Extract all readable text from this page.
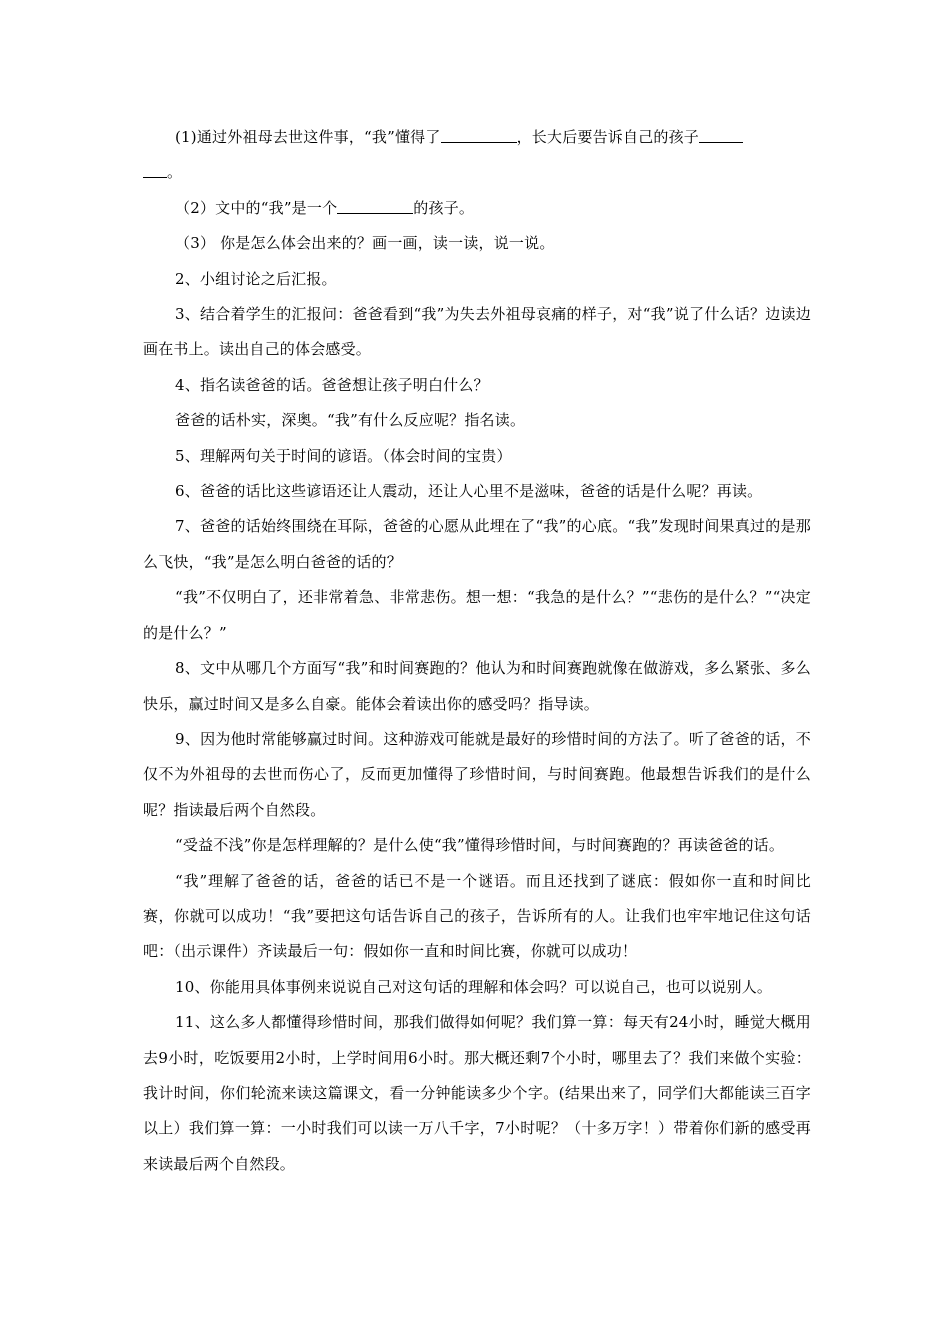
(1)通过外祖母去世这件事，“我”懂得了	，长大后要告诉自己的孩子
。

（2）文中的“我”是一个	的孩子。

（3） 你是怎么体会出来的？画一画，读一读，说一说。

2、小组讨论之后汇报。

3、结合着学生的汇报问：爸爸看到“我”为失去外祖母哀痛的样子，对“我”说了什么话？边读边画在书上。读出自己的体会感受。

4、指名读爸爸的话。爸爸想让孩子明白什么？

爸爸的话朴实，深奥。“我”有什么反应呢？指名读。

5、理解两句关于时间的谚语。（体会时间的宝贵）

6、爸爸的话比这些谚语还让人震动，还让人心里不是滋味，爸爸的话是什么呢？再读。

7、爸爸的话始终围绕在耳际，爸爸的心愿从此埋在了“我”的心底。“我”发现时间果真过的是那么飞快，“我”是怎么明白爸爸的话的？

“我”不仅明白了，还非常着急、非常悲伤。想一想：“我急的是什么？”“悲伤的是什么？”“决定的是什么？”

8、文中从哪几个方面写“我”和时间赛跑的？他认为和时间赛跑就像在做游戏，多么紧张、多么快乐，赢过时间又是多么自豪。能体会着读出你的感受吗？指导读。

9、因为他时常能够赢过时间。这种游戏可能就是最好的珍惜时间的方法了。听了爸爸的话，不仅不为外祖母的去世而伤心了，反而更加懂得了珍惜时间，与时间赛跑。他最想告诉我们的是什么呢？指读最后两个自然段。

“受益不浅”你是怎样理解的？是什么使“我”懂得珍惜时间，与时间赛跑的？再读爸爸的话。

“我”理解了爸爸的话，爸爸的话已不是一个谜语。而且还找到了谜底：假如你一直和时间比赛，你就可以成功！“我”要把这句话告诉自己的孩子，告诉所有的人。让我们也牢牢地记住这句话吧：（出示课件）齐读最后一句：假如你一直和时间比赛，你就可以成功！

10、你能用具体事例来说说自己对这句话的理解和体会吗？可以说自己，也可以说别人。

11、这么多人都懂得珍惜时间，那我们做得如何呢？我们算一算：每天有24小时，睡觉大概用去9小时，吃饭要用2小时，上学时间用6小时。那大概还剩7个小时，哪里去了？我们来做个实验：我计时间，你们轮流来读这篇课文，看一分钟能读多少个字。(结果出来了，同学们大都能读三百字以上）我们算一算：一小时我们可以读一万八千字，7小时呢？（十多万字！）带着你们新的感受再来读最后两个自然段。
